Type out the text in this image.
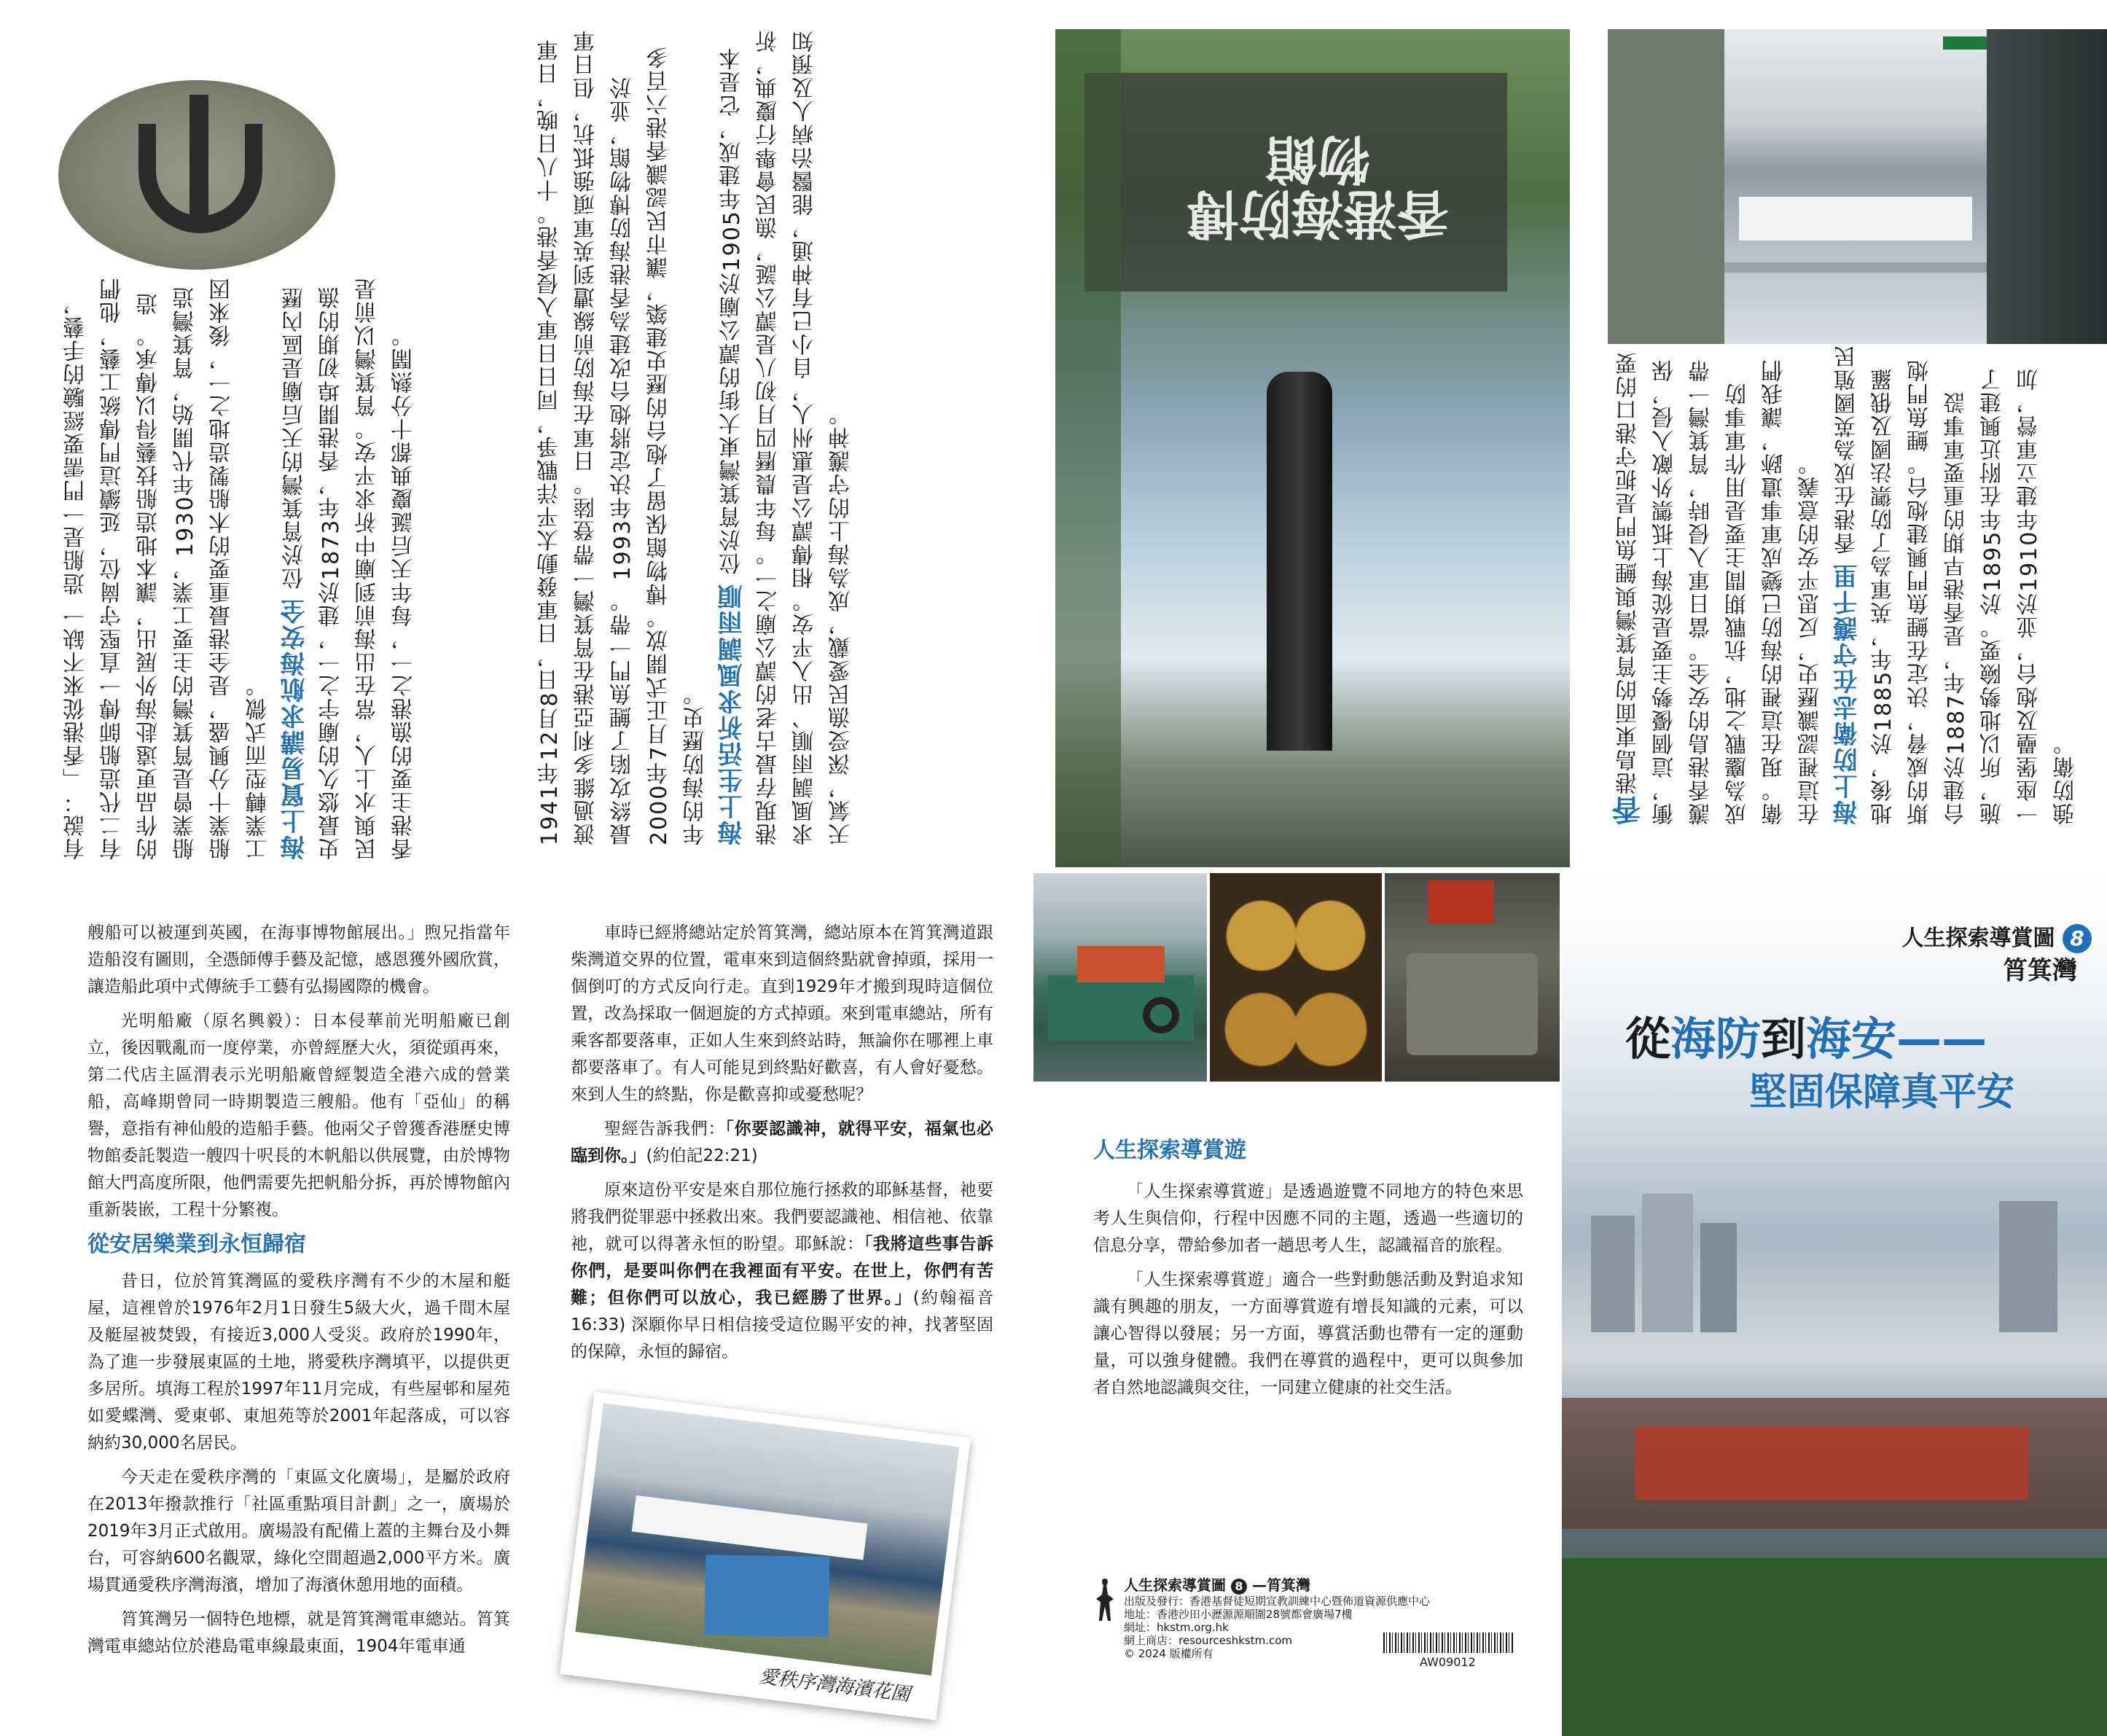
香港島東面的筲箕灣與鯉魚門是扼守港口的要衝，這個優勢主要是從海上抵禦外敵入侵，保護香港島的安全。當日軍入侵時，筲箕灣一帶成為鏖戰之地，抗戰期間主要是用作軍事防衛。現在這裡的海防已變成軍事遺跡，讓我們在這裡認識歷史，反思平安的意義。 海上防衛志在守護千里 香港在成為英國殖民地後，於1885年，英軍為了防禦法國及俄羅斯的威脅，決定在鯉魚門興建炮台。鯉魚門炮台建於1887年，是香港早期的重要軍事設施，所以地勢險要。於1895年在附近興建了一座堡壘及炮台，並於1910年建立軍營，加強防衛。
香港海防博物館
1941年12月8日，日軍發動太平洋戰爭，同日日軍入侵香港。十八日晚，日軍渡過維多利亞港在筲箕灣一帶登陸。日軍在海防前線遭到英軍頑強抵抗，但日軍最終攻陷了鯉魚門一帶。 1993年決定將炮台改建為香港海防博物館，並於2000年7月正式開放。博物館保留了炮台的歷史建築，讓市民認識香港六百多年的海防歷史。 海上生活祈求風調雨順 位於筲箕灣東大街的譚公廟於1905年建成，它是本港現存最古老的譚公廟之一。每年農曆四月初八是譚公誕，漁民會舉行慶典，祈求風調雨順、出入平安。相傳譚公是惠州人，自小已有神通，能醫治病人及預知天氣，深受漁民愛戴，成為海上的守護神。
有說：「香港從來不缺一 造船是一門需要經驗的手藝，有二代造船師傅一直堅守崗位，延續這門傳統工藝，他們的作品更遠赴海外展出，讓本地造船技藝得以傳承。 造船業曾是筲箕灣的主要工業，1930年代開始，筲箕灣造船業十分興盛，是全港最重要的木船製造地之一，後來因工業轉型而式微。 海上貿易講求航海安全 位於筲箕灣的天后廟是區內歷史最悠久的廟宇之一，建於1873年，香港開埠初期的漁民與水上人，常在出海前到廟中祈求平安。筲箕灣以前是香港主要的漁港之一，每年天后誕慶典都十分熱鬧。
人生探索導賞圖 8
筲箕灣
從海防到海安——
堅固保障真平安
人生探索導賞遊

「人生探索導賞遊」是透過遊覽不同地方的特色來思考人生與信仰，行程中因應不同的主題，透過一些適切的信息分享，帶給參加者一趟思考人生，認識福音的旅程。

「人生探索導賞遊」適合一些對動態活動及對追求知識有興趣的朋友，一方面導賞遊有增長知識的元素，可以讓心智得以發展；另一方面，導賞活動也帶有一定的運動量，可以強身健體。我們在導賞的過程中，更可以與參加者自然地認識與交往，一同建立健康的社交生活。

人生探索導賞圖 8 —筲箕灣
出版及發行：香港基督徒短期宣教訓練中心暨佈道資源供應中心
地址：香港沙田小瀝源源順圍28號都會廣場7樓
網址：hkstm.org.hk
網上商店：resourceshkstm.com
© 2024 版權所有
AW09012

車時已經將總站定於筲箕灣，總站原本在筲箕灣道跟柴灣道交界的位置，電車來到這個終點就會掉頭，採用一個倒叮的方式反向行走。直到1929年才搬到現時這個位置，改為採取一個迴旋的方式掉頭。來到電車總站，所有乘客都要落車，正如人生來到終站時，無論你在哪裡上車都要落車了。有人可能見到終點好歡喜，有人會好憂愁。來到人生的終點，你是歡喜抑或憂愁呢？

聖經告訴我們：「你要認識神，就得平安，福氣也必臨到你。」(約伯記22:21)

原來這份平安是來自那位施行拯救的耶穌基督，祂要將我們從罪惡中拯救出來。我們要認識祂、相信祂、依靠祂，就可以得著永恒的盼望。耶穌說：「我將這些事告訴你們，是要叫你們在我裡面有平安。在世上，你們有苦難；但你們可以放心，我已經勝了世界。」(約翰福音16:33) 深願你早日相信接受這位賜平安的神，找著堅固的保障，永恒的歸宿。

愛秩序灣海濱花園

艘船可以被運到英國，在海事博物館展出。」煦兄指當年造船沒有圖則，全憑師傅手藝及記憶，感恩獲外國欣賞，讓造船此項中式傳統手工藝有弘揚國際的機會。

光明船廠（原名興毅）：日本侵華前光明船廠已創立，後因戰亂而一度停業，亦曾經歷大火，須從頭再來，第二代店主區渭表示光明船廠曾經製造全港六成的營業船，高峰期曾同一時期製造三艘船。他有「亞仙」的稱譽，意指有神仙般的造船手藝。他兩父子曾獲香港歷史博物館委託製造一艘四十呎長的木帆船以供展覽，由於博物館大門高度所限，他們需要先把帆船分拆，再於博物館內重新裝嵌，工程十分繁複。

從安居樂業到永恒歸宿

昔日，位於筲箕灣區的愛秩序灣有不少的木屋和艇屋，這裡曾於1976年2月1日發生5級大火，過千間木屋及艇屋被焚毀，有接近3,000人受災。政府於1990年，為了進一步發展東區的土地，將愛秩序灣填平，以提供更多居所。填海工程於1997年11月完成，有些屋邨和屋苑如愛蝶灣、愛東邨、東旭苑等於2001年起落成，可以容納約30,000名居民。

今天走在愛秩序灣的「東區文化廣場」，是屬於政府在2013年撥款推行「社區重點項目計劃」之一，廣場於2019年3月正式啟用。廣場設有配備上蓋的主舞台及小舞台，可容納600名觀眾，綠化空間超過2,000平方米。廣場貫通愛秩序灣海濱，增加了海濱休憩用地的面積。

筲箕灣另一個特色地標，就是筲箕灣電車總站。筲箕灣電車總站位於港島電車線最東面，1904年電車通
